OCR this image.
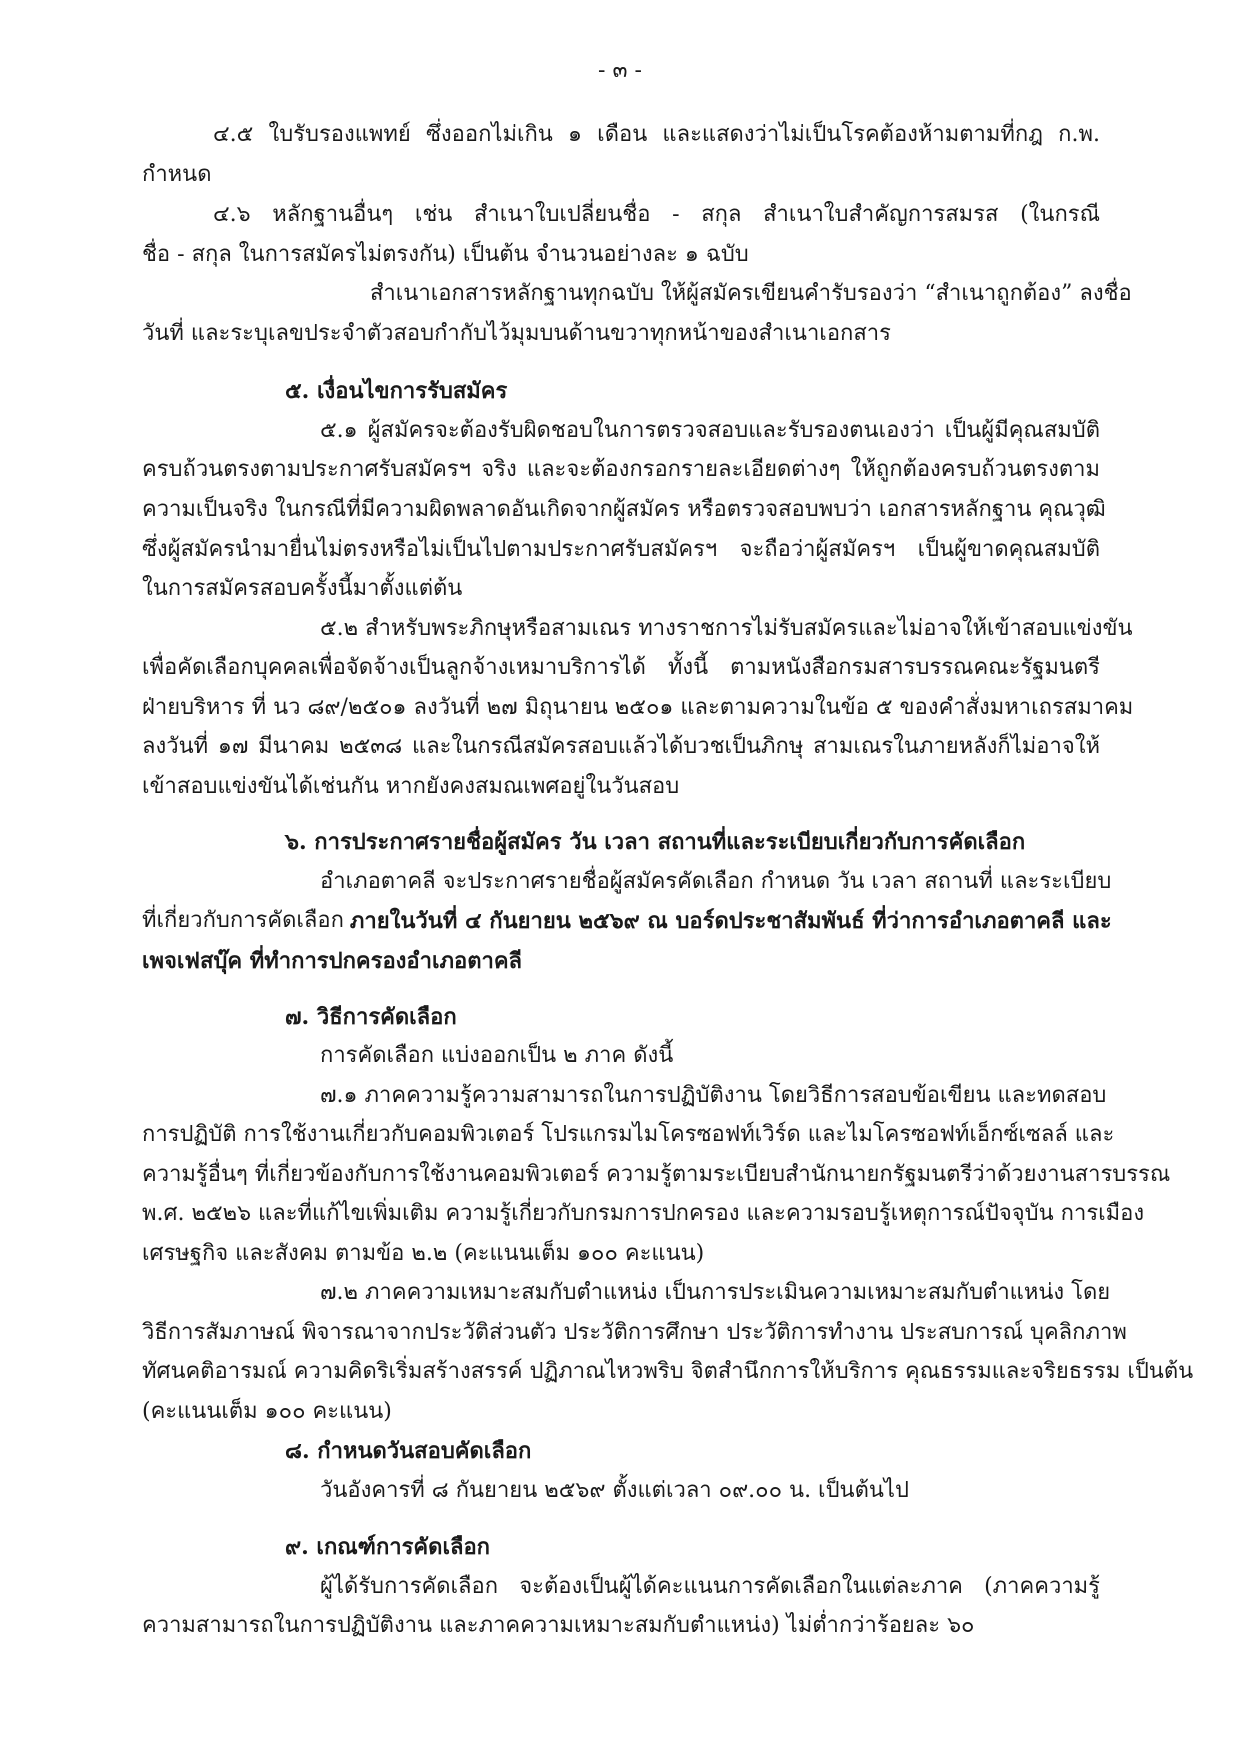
- ๓ -
๔.๕ ใบรับรองแพทย์ ซึ่งออกไม่เกิน ๑ เดือน และแสดงว่าไม่เป็นโรคต้องห้ามตามที่กฎ ก.พ.
กำหนด
๔.๖ หลักฐานอื่นๆ เช่น สำเนาใบเปลี่ยนชื่อ - สกุล สำเนาใบสำคัญการสมรส (ในกรณี
ชื่อ - สกุล ในการสมัครไม่ตรงกัน) เป็นต้น จำนวนอย่างละ ๑ ฉบับ
สำเนาเอกสารหลักฐานทุกฉบับ ให้ผู้สมัครเขียนคำรับรองว่า “สำเนาถูกต้อง” ลงชื่อ
วันที่ และระบุเลขประจำตัวสอบกำกับไว้มุมบนด้านขวาทุกหน้าของสำเนาเอกสาร
๕. เงื่อนไขการรับสมัคร
๕.๑ ผู้สมัครจะต้องรับผิดชอบในการตรวจสอบและรับรองตนเองว่า เป็นผู้มีคุณสมบัติ
ครบถ้วนตรงตามประกาศรับสมัครฯ จริง และจะต้องกรอกรายละเอียดต่างๆ ให้ถูกต้องครบถ้วนตรงตาม
ความเป็นจริง ในกรณีที่มีความผิดพลาดอันเกิดจากผู้สมัคร หรือตรวจสอบพบว่า เอกสารหลักฐาน คุณวุฒิ
ซึ่งผู้สมัครนำมายื่นไม่ตรงหรือไม่เป็นไปตามประกาศรับสมัครฯ จะถือว่าผู้สมัครฯ เป็นผู้ขาดคุณสมบัติ
ในการสมัครสอบครั้งนี้มาตั้งแต่ต้น
๕.๒ สำหรับพระภิกษุหรือสามเณร ทางราชการไม่รับสมัครและไม่อาจให้เข้าสอบแข่งขัน
เพื่อคัดเลือกบุคคลเพื่อจัดจ้างเป็นลูกจ้างเหมาบริการได้ ทั้งนี้ ตามหนังสือกรมสารบรรณคณะรัฐมนตรี
ฝ่ายบริหาร ที่ นว ๘๙/๒๕๐๑ ลงวันที่ ๒๗ มิถุนายน ๒๕๐๑ และตามความในข้อ ๕ ของคำสั่งมหาเถรสมาคม
ลงวันที่ ๑๗ มีนาคม ๒๕๓๘ และในกรณีสมัครสอบแล้วได้บวชเป็นภิกษุ สามเณรในภายหลังก็ไม่อาจให้
เข้าสอบแข่งขันได้เช่นกัน หากยังคงสมณเพศอยู่ในวันสอบ
๖. การประกาศรายชื่อผู้สมัคร วัน เวลา สถานที่และระเบียบเกี่ยวกับการคัดเลือก
อำเภอตาคลี จะประกาศรายชื่อผู้สมัครคัดเลือก กำหนด วัน เวลา สถานที่ และระเบียบ
ที่เกี่ยวกับการคัดเลือก ภายในวันที่ ๔ กันยายน ๒๕๖๙ ณ บอร์ดประชาสัมพันธ์ ที่ว่าการอำเภอตาคลี และ
เพจเฟสบุ๊ค ที่ทำการปกครองอำเภอตาคลี
๗. วิธีการคัดเลือก
การคัดเลือก แบ่งออกเป็น ๒ ภาค ดังนี้
๗.๑ ภาคความรู้ความสามารถในการปฏิบัติงาน โดยวิธีการสอบข้อเขียน และทดสอบ
การปฏิบัติ การใช้งานเกี่ยวกับคอมพิวเตอร์ โปรแกรมไมโครซอฟท์เวิร์ด และไมโครซอฟท์เอ็กซ์เซลล์ และ
ความรู้อื่นๆ ที่เกี่ยวข้องกับการใช้งานคอมพิวเตอร์ ความรู้ตามระเบียบสำนักนายกรัฐมนตรีว่าด้วยงานสารบรรณ
พ.ศ. ๒๕๒๖ และที่แก้ไขเพิ่มเติม ความรู้เกี่ยวกับกรมการปกครอง และความรอบรู้เหตุการณ์ปัจจุบัน การเมือง
เศรษฐกิจ และสังคม ตามข้อ ๒.๒ (คะแนนเต็ม ๑๐๐ คะแนน)
๗.๒ ภาคความเหมาะสมกับตำแหน่ง เป็นการประเมินความเหมาะสมกับตำแหน่ง โดย
วิธีการสัมภาษณ์ พิจารณาจากประวัติส่วนตัว ประวัติการศึกษา ประวัติการทำงาน ประสบการณ์ บุคลิกภาพ
ทัศนคติอารมณ์ ความคิดริเริ่มสร้างสรรค์ ปฏิภาณไหวพริบ จิตสำนึกการให้บริการ คุณธรรมและจริยธรรม เป็นต้น
(คะแนนเต็ม ๑๐๐ คะแนน)
๘. กำหนดวันสอบคัดเลือก
วันอังคารที่ ๘ กันยายน ๒๕๖๙ ตั้งแต่เวลา ๐๙.๐๐ น. เป็นต้นไป
๙. เกณฑ์การคัดเลือก
ผู้ได้รับการคัดเลือก จะต้องเป็นผู้ได้คะแนนการคัดเลือกในแต่ละภาค (ภาคความรู้
ความสามารถในการปฏิบัติงาน และภาคความเหมาะสมกับตำแหน่ง) ไม่ต่ำกว่าร้อยละ ๖๐
